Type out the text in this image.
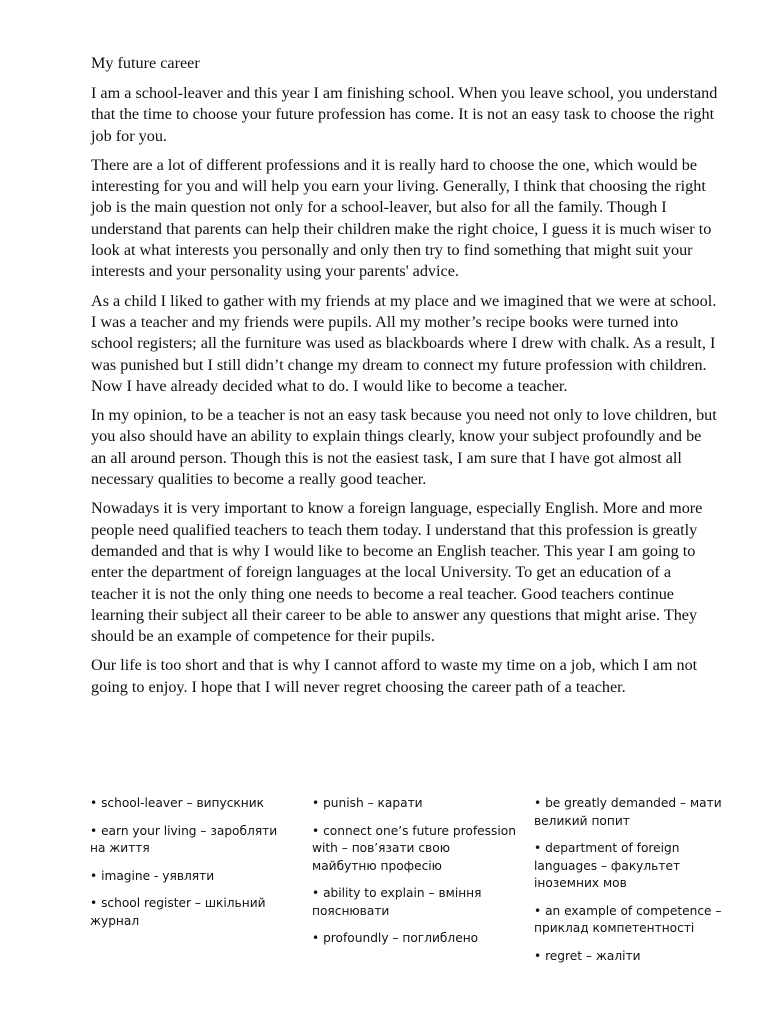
My future career

I am a school-leaver and this year I am finishing school. When you leave school, you understand that the time to choose your future profession has come. It is not an easy task to choose the right job for you.

There are a lot of different professions and it is really hard to choose the one, which would be interesting for you and will help you earn your living. Generally, I think that choosing the right job is the main question not only for a school-leaver, but also for all the family. Though I understand that parents can help their children make the right choice, I guess it is much wiser to look at what interests you personally and only then try to find something that might suit your interests and your personality using your parents' advice.

As a child I liked to gather with my friends at my place and we imagined that we were at school. I was a teacher and my friends were pupils. All my mother’s recipe books were turned into school registers; all the furniture was used as blackboards where I drew with chalk. As a result, I was punished but I still didn’t change my dream to connect my future profession with children. Now I have already decided what to do. I would like to become a teacher.

In my opinion, to be a teacher is not an easy task because you need not only to love children, but you also should have an ability to explain things clearly, know your subject profoundly and be an all around person. Though this is not the easiest task, I am sure that I have got almost all necessary qualities to become a really good teacher.

Nowadays it is very important to know a foreign language, especially English. More and more people need qualified teachers to teach them today. I understand that this profession is greatly demanded and that is why I would like to become an English teacher. This year I am going to enter the department of foreign languages at the local University. To get an education of a teacher it is not the only thing one needs to become a real teacher. Good teachers continue learning their subject all their career to be able to answer any questions that might arise. They should be an example of competence for their pupils.

Our life is too short and that is why I cannot afford to waste my time on a job, which I am not going to enjoy. I hope that I will never regret choosing the career path of a teacher.

• school-leaver – випускник
• earn your living – заробляти на життя
• imagine - уявляти
• school register – шкільний журнал
• punish – карати
• connect one’s future profession with – пов’язати свою майбутню професію
• ability to explain – вміння пояснювати
• profoundly – поглиблено
• be greatly demanded – мати великий попит
• department of foreign languages – факультет іноземних мов
• an example of competence – приклад компетентності
• regret – жаліти
